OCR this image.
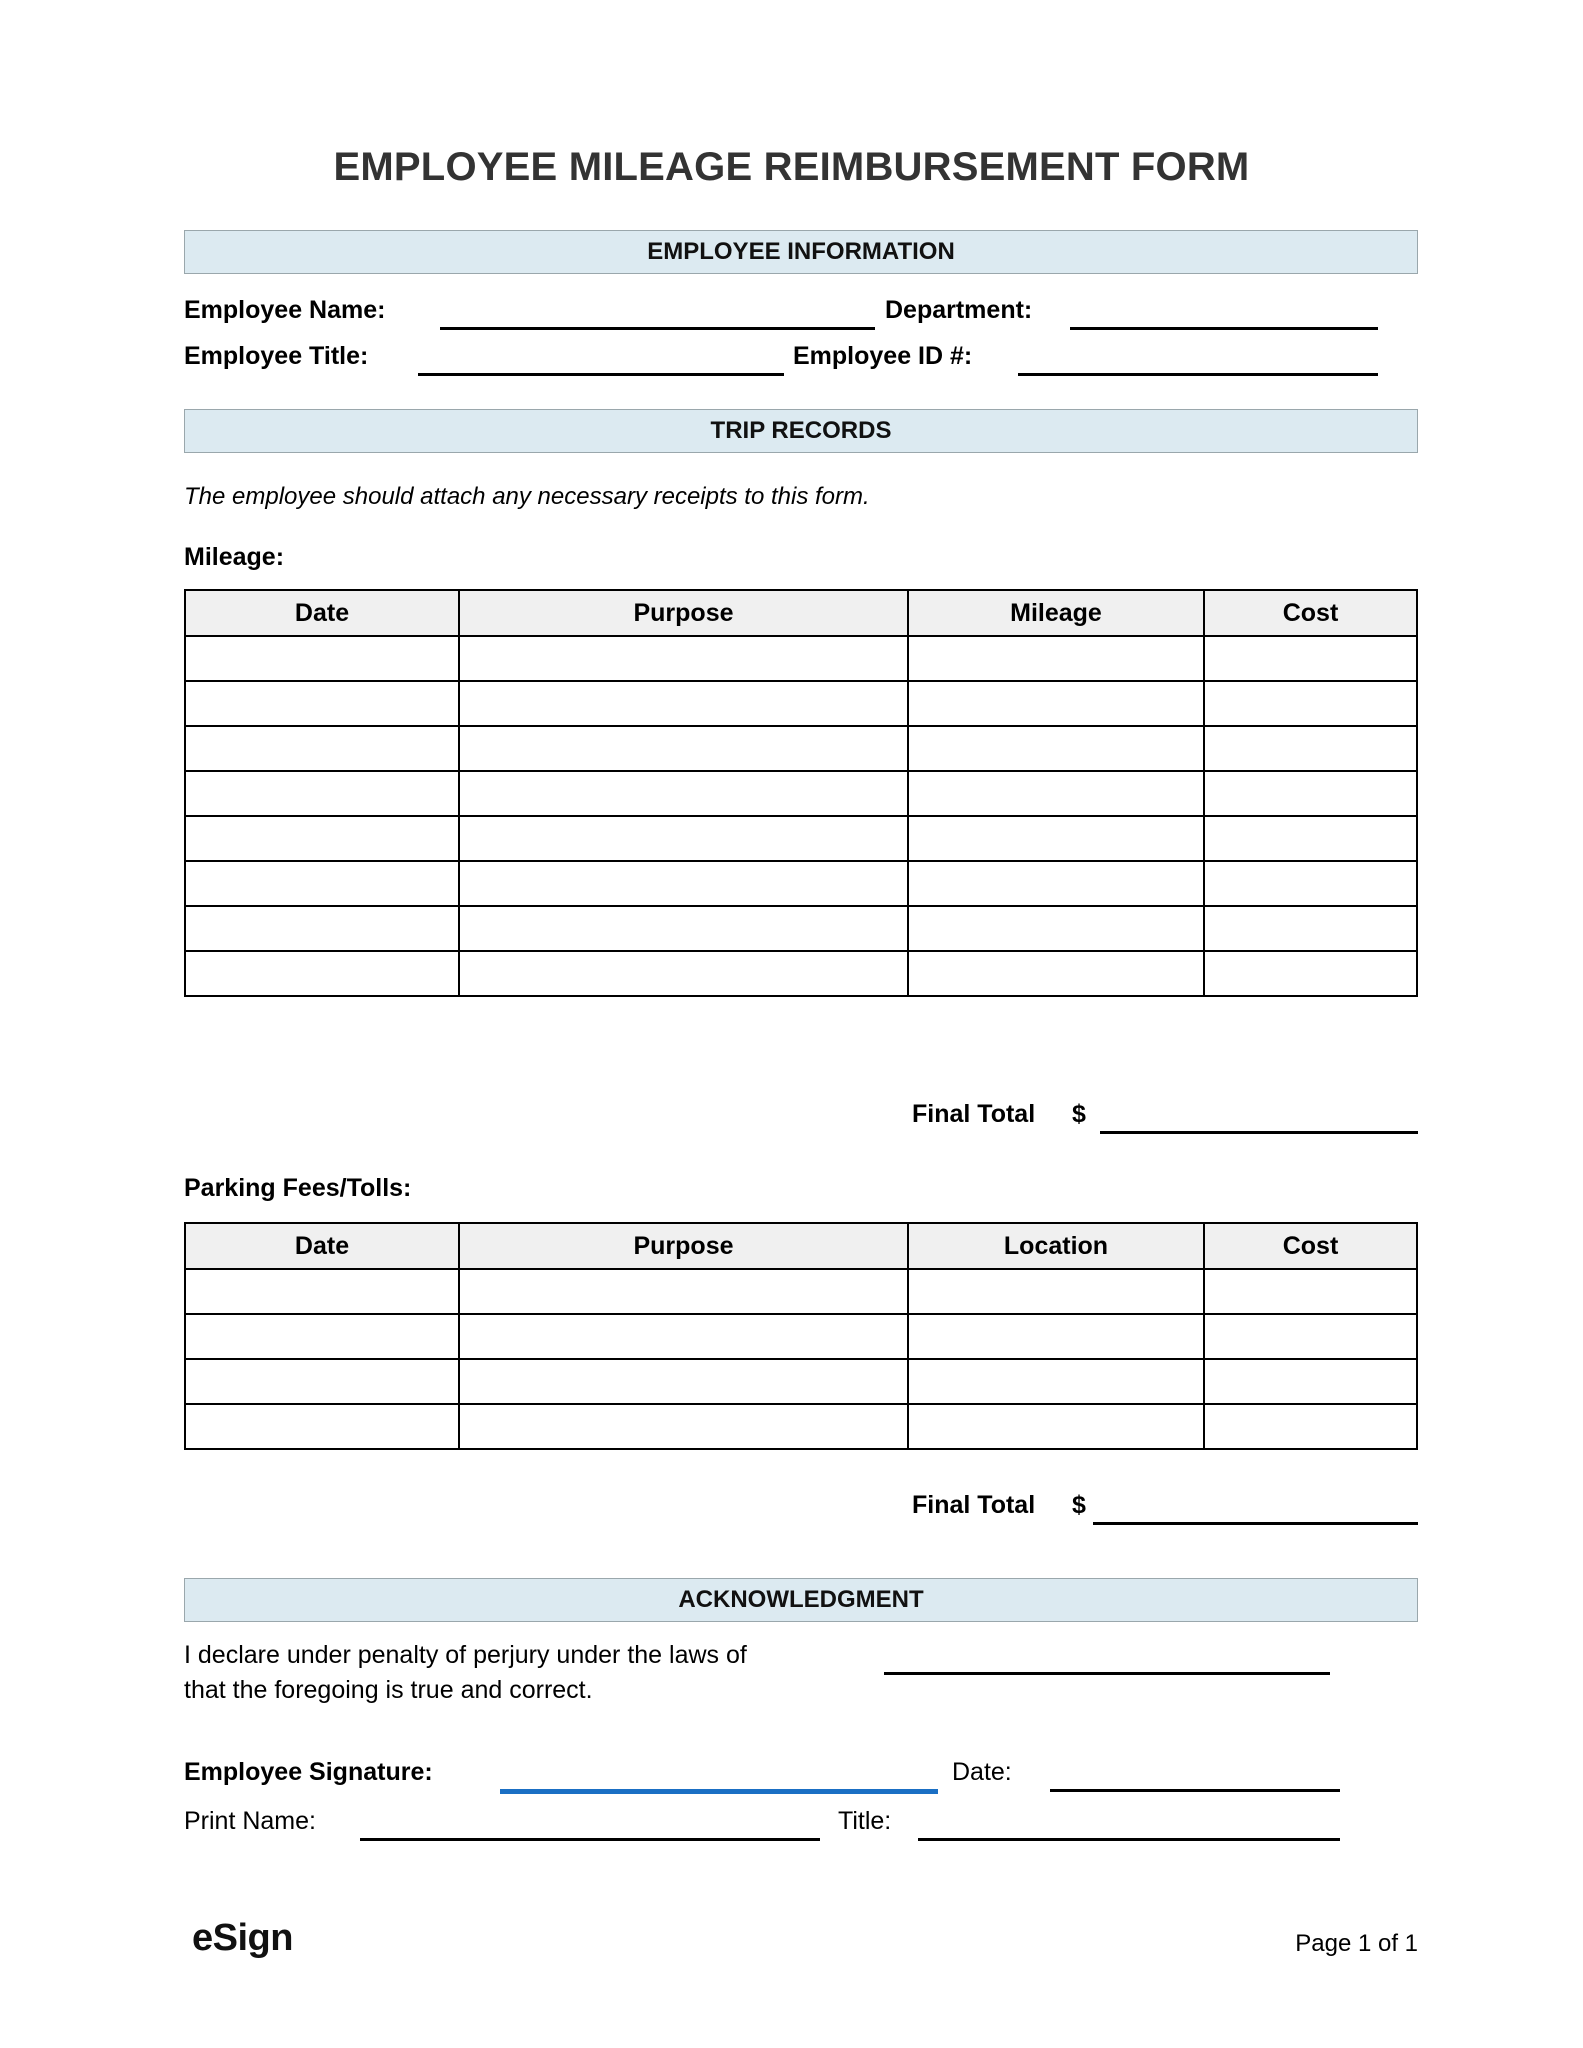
EMPLOYEE MILEAGE REIMBURSEMENT FORM
EMPLOYEE INFORMATION
Employee Name:	Department:
Employee Title:	Employee ID #:
TRIP RECORDS
The employee should attach any necessary receipts to this form.
Mileage:
Date	Purpose	Mileage	Cost

Final Total $
Parking Fees/Tolls:
Date	Purpose	Location	Cost

Final Total $
ACKNOWLEDGMENT
I declare under penalty of perjury under the laws of
that the foregoing is true and correct.
Employee Signature:	Date:
Print Name:	Title:
eSign	Page 1 of 1
